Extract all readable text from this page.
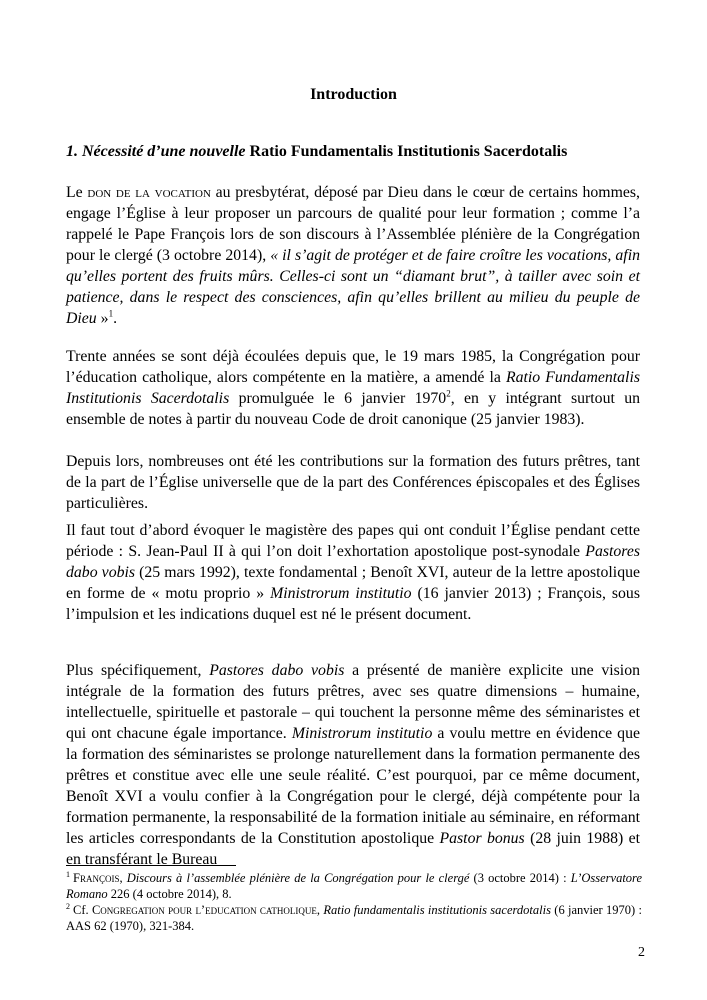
Introduction
1. Nécessité d’une nouvelle Ratio Fundamentalis Institutionis Sacerdotalis
Le don de la vocation au presbytérat, déposé par Dieu dans le cœur de certains hommes, engage l’Église à leur proposer un parcours de qualité pour leur formation ; comme l’a rappelé le Pape François lors de son discours à l’Assemblée plénière de la Congrégation pour le clergé (3 octobre 2014), « il s’agit de protéger et de faire croître les vocations, afin qu’elles portent des fruits mûrs. Celles-ci sont un “diamant brut”, à tailler avec soin et patience, dans le respect des consciences, afin qu’elles brillent au milieu du peuple de Dieu »$^1$.
Trente années se sont déjà écoulées depuis que, le 19 mars 1985, la Congrégation pour l’éducation catholique, alors compétente en la matière, a amendé la Ratio Fundamentalis Institutionis Sacerdotalis promulguée le 6 janvier 1970$^2$, en y intégrant surtout un ensemble de notes à partir du nouveau Code de droit canonique (25 janvier 1983).
Depuis lors, nombreuses ont été les contributions sur la formation des futurs prêtres, tant de la part de l’Église universelle que de la part des Conférences épiscopales et des Églises particulières.
Il faut tout d’abord évoquer le magistère des papes qui ont conduit l’Église pendant cette période : S. Jean-Paul II à qui l’on doit l’exhortation apostolique post-synodale Pastores dabo vobis (25 mars 1992), texte fondamental ; Benoît XVI, auteur de la lettre apostolique en forme de « motu proprio » Ministrorum institutio (16 janvier 2013) ; François, sous l’impulsion et les indications duquel est né le présent document.
Plus spécifiquement, Pastores dabo vobis a présenté de manière explicite une vision intégrale de la formation des futurs prêtres, avec ses quatre dimensions – humaine, intellectuelle, spirituelle et pastorale – qui touchent la personne même des séminaristes et qui ont chacune égale importance. Ministrorum institutio a voulu mettre en évidence que la formation des séminaristes se prolonge naturellement dans la formation permanente des prêtres et constitue avec elle une seule réalité. C’est pourquoi, par ce même document, Benoît XVI a voulu confier à la Congrégation pour le clergé, déjà compétente pour la formation permanente, la responsabilité de la formation initiale au séminaire, en réformant les articles correspondants de la Constitution apostolique Pastor bonus (28 juin 1988) et en transférant le Bureau
$^1$ François, Discours à l’assemblée plénière de la Congrégation pour le clergé (3 octobre 2014) : L’Osservatore Romano 226 (4 octobre 2014), 8.
$^2$ Cf. Congregation pour l’education catholique, Ratio fundamentalis institutionis sacerdotalis (6 janvier 1970) : AAS 62 (1970), 321-384.
2
